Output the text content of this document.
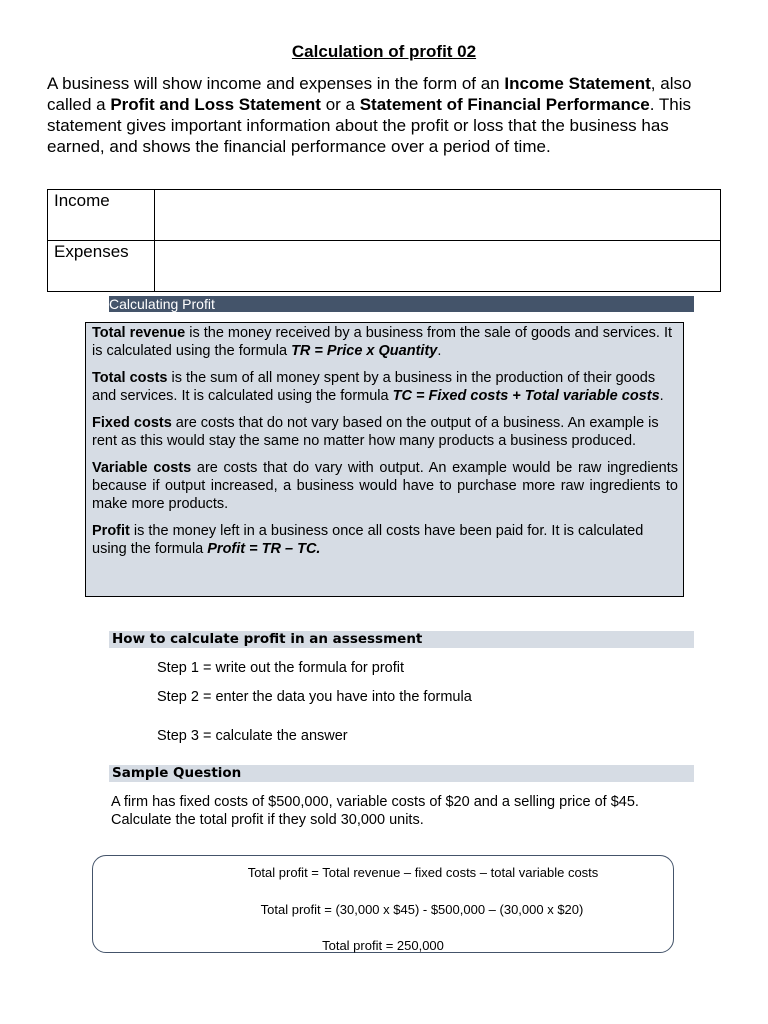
Calculation of profit 02
A business will show income and expenses in the form of an Income Statement, also called a Profit and Loss Statement or a Statement of Financial Performance. This statement gives important information about the profit or loss that the business has earned, and shows the financial performance over a period of time.
Income	
Expenses	
Calculating Profit

Total revenue is the money received by a business from the sale of goods and services. It is calculated using the formula TR = Price x Quantity.

Total costs is the sum of all money spent by a business in the production of their goods and services. It is calculated using the formula TC = Fixed costs + Total variable costs.

Fixed costs are costs that do not vary based on the output of a business. An example is rent as this would stay the same no matter how many products a business produced.

Variable costs are costs that do vary with output. An example would be raw ingredients because if output increased, a business would have to purchase more raw ingredients to make more products.

Profit is the money left in a business once all costs have been paid for. It is calculated using the formula Profit = TR – TC.

How to calculate profit in an assessment
Step 1 = write out the formula for profit
Step 2 = enter the data you have into the formula
Step 3 = calculate the answer
Sample Question
A firm has fixed costs of $500,000, variable costs of $20 and a selling price of $45. Calculate the total profit if they sold 30,000 units.
Total profit = Total revenue – fixed costs – total variable costs
Total profit = (30,000 x $45) - $500,000 – (30,000 x $20)
Total profit = 250,000
